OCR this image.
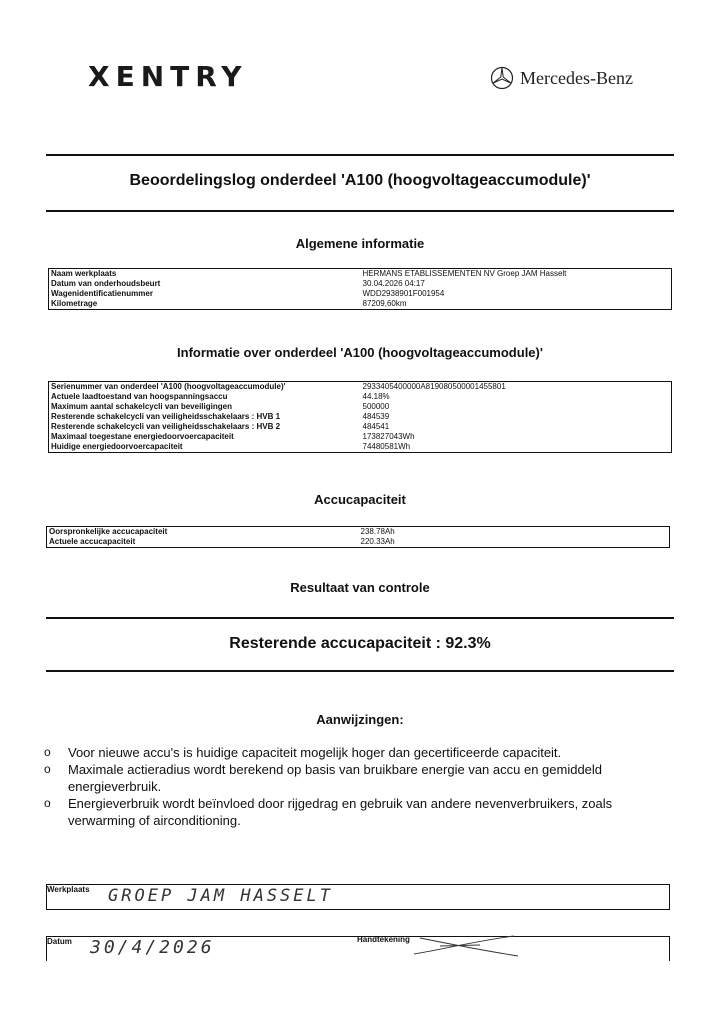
XENTRY	Mercedes-Benz
Beoordelingslog onderdeel 'A100 (hoogvoltageaccumodule)'
Algemene informatie
Naam werkplaats	HERMANS ETABLISSEMENTEN NV Groep JAM Hasselt
Datum van onderhoudsbeurt	30.04.2026 04:17
Wagenidentificatienummer	WDD2938901F001954
Kilometrage	87209,60km
Informatie over onderdeel 'A100 (hoogvoltageaccumodule)'
Serienummer van onderdeel 'A100 (hoogvoltageaccumodule)'	2933405400000A819080500001455801
Actuele laadtoestand van hoogspanningsaccu	44.18%
Maximum aantal schakelcycli van beveiligingen	500000
Resterende schakelcycli van veiligheidsschakelaars : HVB 1	484539
Resterende schakelcycli van veiligheidsschakelaars : HVB 2	484541
Maximaal toegestane energiedoorvoercapaciteit	173827043Wh
Huidige energiedoorvoercapaciteit	74480581Wh
Accucapaciteit
Oorspronkelijke accucapaciteit	238.78Ah
Actuele accucapaciteit	220.33Ah
Resultaat van controle
Resterende accucapaciteit : 92.3%
Aanwijzingen:
o Voor nieuwe accu's is huidige capaciteit mogelijk hoger dan gecertificeerde capaciteit.
o Maximale actieradius wordt berekend op basis van bruikbare energie van accu en gemiddeld energieverbruik.
o Energieverbruik wordt beïnvloed door rijgedrag en gebruik van andere nevenverbruikers, zoals verwarming of airconditioning.
Werkplaats GROEP JAM HASSELT
Datum 30/4/2026	Handtekening
